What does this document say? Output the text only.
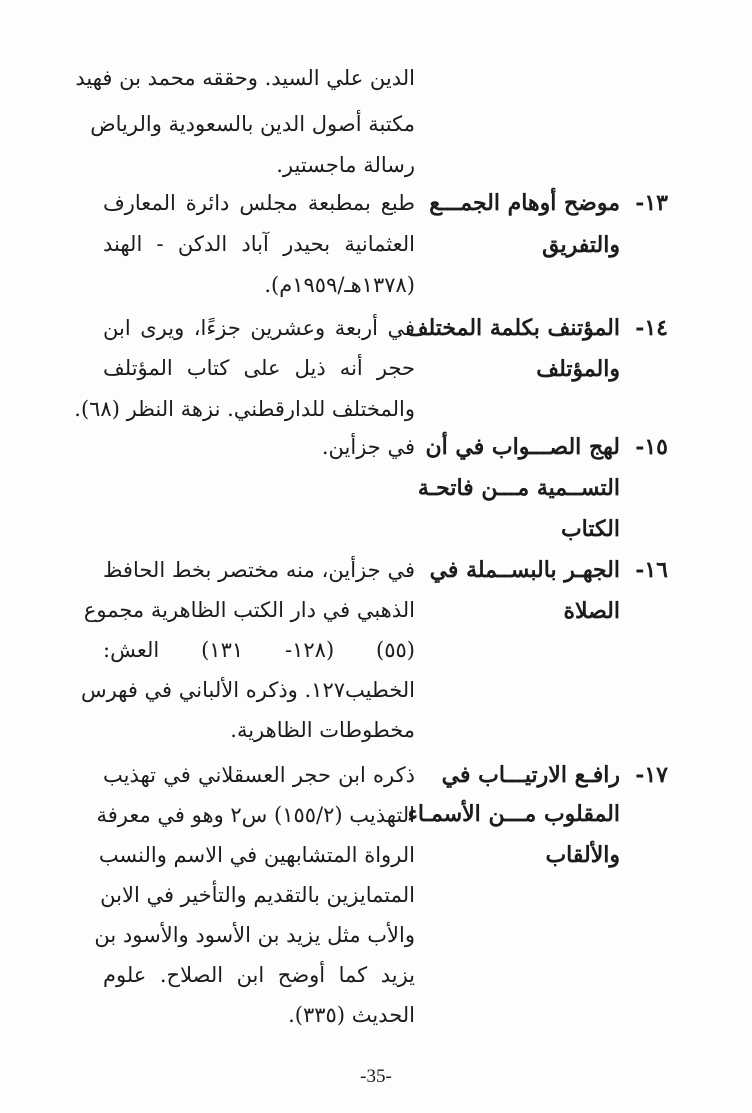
الدين علي السيد. وحققه محمد بن فهيد
مكتبة أصول الدين بالسعودية والرياض
رسالة ماجستير.
١٣-
موضح أوهام الجمـــع
والتفريق
طبع بمطبعة مجلس دائرة المعارف
العثمانية بحيدر آباد الدكن - الهند
(١٣٧٨هـ/١٩٥٩م).
١٤-
المؤتنف بكلمة المختلف
والمؤتلف
في أربعة وعشرين جزءًا، ويرى ابن
حجر أنه ذيل على كتاب المؤتلف
والمختلف للدارقطني. نزهة النظر (٦٨).
١٥-
لهج الصـــواب في أن
التســمية مـــن فاتحـة
الكتاب
في جزأين.
١٦-
الجهـر بالبســملة في
الصلاة
في جزأين، منه مختصر بخط الحافظ
الذهبي في دار الكتب الظاهرية مجموع
(٥٥) (١٢٨- ١٣١) العش:
الخطيب١٢٧. وذكره الألباني في فهرس
مخطوطات الظاهرية.
١٧-
رافـع الارتيـــاب في
المقلوب مـــن الأسمـاء
والألقاب
ذكره ابن حجر العسقلاني في تهذيب
التهذيب (١٥٥/٢) س٢ وهو في معرفة
الرواة المتشابهين في الاسم والنسب
المتمايزين بالتقديم والتأخير في الابن
والأب مثل يزيد بن الأسود والأسود بن
يزيد كما أوضح ابن الصلاح. علوم
الحديث (٣٣٥).
-35-
